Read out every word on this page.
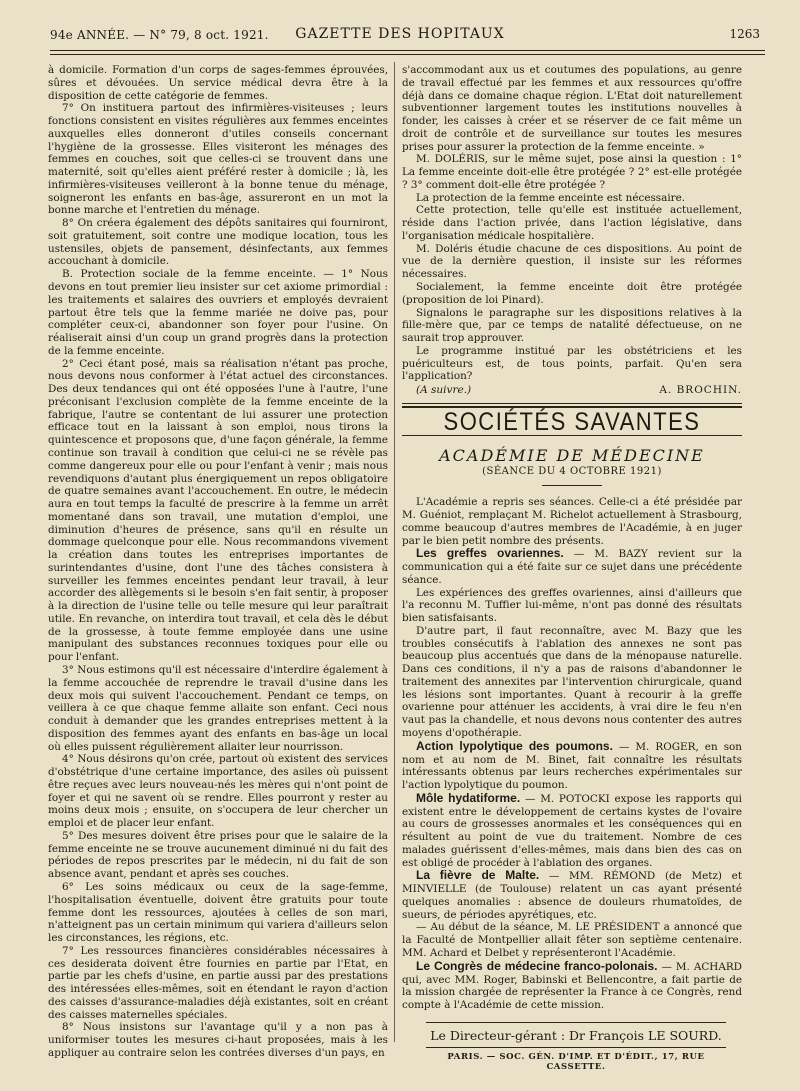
94e ANNÉE. — N° 79, 8 oct. 1921.	GAZETTE DES HOPITAUX	1263

à domicile. Formation d'un corps de sages-femmes éprouvées, sûres et dévouées. Un service médical devra être à la disposition de cette catégorie de femmes.

7° On instituera partout des infirmières-visiteuses ; leurs fonctions consistent en visites régulières aux femmes enceintes auxquelles elles donneront d'utiles conseils concernant l'hygiène de la grossesse. Elles visiteront les ménages des femmes en couches, soit que celles-ci se trouvent dans une maternité, soit qu'elles aient préféré rester à domicile ; là, les infirmières-visiteuses veilleront à la bonne tenue du ménage, soigneront les enfants en bas-âge, assureront en un mot la bonne marche et l'entretien du ménage.

8° On créera également des dépôts sanitaires qui fourniront, soit gratuitement, soit contre une modique location, tous les ustensiles, objets de pansement, désinfectants, aux femmes accouchant à domicile.

B. Protection sociale de la femme enceinte. — 1° Nous devons en tout premier lieu insister sur cet axiome primordial : les traitements et salaires des ouvriers et employés devraient partout être tels que la femme mariée ne doive pas, pour compléter ceux-ci, abandonner son foyer pour l'usine. On réaliserait ainsi d'un coup un grand progrès dans la protection de la femme enceinte.

2° Ceci étant posé, mais sa réalisation n'étant pas proche, nous devons nous conformer à l'état actuel des circonstances. Des deux tendances qui ont été opposées l'une à l'autre, l'une préconisant l'exclusion complète de la femme enceinte de la fabrique, l'autre se contentant de lui assurer une protection efficace tout en la laissant à son emploi, nous tirons la quintescence et proposons que, d'une façon générale, la femme continue son travail à condition que celui-ci ne se révèle pas comme dangereux pour elle ou pour l'enfant à venir ; mais nous revendiquons d'autant plus énergiquement un repos obligatoire de quatre semaines avant l'accouchement. En outre, le médecin aura en tout temps la faculté de prescrire à la femme un arrêt momentané dans son travail, une mutation d'emploi, une diminution d'heures de présence, sans qu'il en résulte un dommage quelconque pour elle. Nous recommandons vivement la création dans toutes les entreprises importantes de surintendantes d'usine, dont l'une des tâches consistera à surveiller les femmes enceintes pendant leur travail, à leur accorder des allègements si le besoin s'en fait sentir, à proposer à la direction de l'usine telle ou telle mesure qui leur paraîtrait utile. En revanche, on interdira tout travail, et cela dès le début de la grossesse, à toute femme employée dans une usine manipulant des substances reconnues toxiques pour elle ou pour l'enfant.

3° Nous estimons qu'il est nécessaire d'interdire également à la femme accouchée de reprendre le travail d'usine dans les deux mois qui suivent l'accouchement. Pendant ce temps, on veillera à ce que chaque femme allaite son enfant. Ceci nous conduit à demander que les grandes entreprises mettent à la disposition des femmes ayant des enfants en bas-âge un local où elles puissent régulièrement allaiter leur nourrisson.

4° Nous désirons qu'on crée, partout où existent des services d'obstétrique d'une certaine importance, des asiles où puissent être reçues avec leurs nouveau-nés les mères qui n'ont point de foyer et qui ne savent où se rendre. Elles pourront y rester au moins deux mois ; ensuite, on s'occupera de leur chercher un emploi et de placer leur enfant.

5° Des mesures doivent être prises pour que le salaire de la femme enceinte ne se trouve aucunement diminué ni du fait des périodes de repos prescrites par le médecin, ni du fait de son absence avant, pendant et après ses couches.

6° Les soins médicaux ou ceux de la sage-femme, l'hospitalisation éventuelle, doivent être gratuits pour toute femme dont les ressources, ajoutées à celles de son mari, n'atteignent pas un certain minimum qui variera d'ailleurs selon les circonstances, les régions, etc.

7° Les ressources financières considérables nécessaires à ces desiderata doivent être fournies en partie par l'Etat, en partie par les chefs d'usine, en partie aussi par des prestations des intéressées elles-mêmes, soit en étendant le rayon d'action des caisses d'assurance-maladies déjà existantes, soit en créant des caisses maternelles spéciales.

8° Nous insistons sur l'avantage qu'il y a non pas à uniformiser toutes les mesures ci-haut proposées, mais à les appliquer au contraire selon les contrées diverses d'un pays, en

s'accommodant aux us et coutumes des populations, au genre de travail effectué par les femmes et aux ressources qu'offre déjà dans ce domaine chaque région. L'Etat doit naturellement subventionner largement toutes les institutions nouvelles à fonder, les caisses à créer et se réserver de ce fait même un droit de contrôle et de surveillance sur toutes les mesures prises pour assurer la protection de la femme enceinte. »

M. DOLÉRIS, sur le même sujet, pose ainsi la question : 1° La femme enceinte doit-elle être protégée ? 2° est-elle protégée ? 3° comment doit-elle être protégée ?

La protection de la femme enceinte est nécessaire.

Cette protection, telle qu'elle est instituée actuellement, réside dans l'action privée, dans l'action législative, dans l'organisation médicale hospitalière.

M. Doléris étudie chacune de ces dispositions. Au point de vue de la dernière question, il insiste sur les réformes nécessaires.

Socialement, la femme enceinte doit être protégée (proposition de loi Pinard).

Signalons le paragraphe sur les dispositions relatives à la fille-mère que, par ce temps de natalité défectueuse, on ne saurait trop approuver.

Le programme institué par les obstétriciens et les puériculteurs est, de tous points, parfait. Qu'en sera l'application?

(A suivre.)	A. BROCHIN.
SOCIÉTÉS SAVANTES
ACADÉMIE DE MÉDECINE
(SÉANCE DU 4 OCTOBRE 1921)

L'Académie a repris ses séances. Celle-ci a été présidée par M. Guéniot, remplaçant M. Richelot actuellement à Strasbourg, comme beaucoup d'autres membres de l'Académie, à en juger par le bien petit nombre des présents.

Les greffes ovariennes. — M. BAZY revient sur la communication qui a été faite sur ce sujet dans une précédente séance.

Les expériences des greffes ovariennes, ainsi d'ailleurs que l'a reconnu M. Tuffier lui-même, n'ont pas donné des résultats bien satisfaisants.

D'autre part, il faut reconnaître, avec M. Bazy que les troubles consécutifs à l'ablation des annexes ne sont pas beaucoup plus accentués que dans de la ménopause naturelle. Dans ces conditions, il n'y a pas de raisons d'abandonner le traitement des annexites par l'intervention chirurgicale, quand les lésions sont importantes. Quant à recourir à la greffe ovarienne pour atténuer les accidents, à vrai dire le feu n'en vaut pas la chandelle, et nous devons nous contenter des autres moyens d'opothérapie.

Action lypolytique des poumons. — M. ROGER, en son nom et au nom de M. Binet, fait connaître les résultats intéressants obtenus par leurs recherches expérimentales sur l'action lypolytique du poumon.

Môle hydatiforme. — M. POTOCKI expose les rapports qui existent entre le développement de certains kystes de l'ovaire au cours de grossesses anormales et les conséquences qui en résultent au point de vue du traitement. Nombre de ces malades guérissent d'elles-mêmes, mais dans bien des cas on est obligé de procéder à l'ablation des organes.

La fièvre de Malte. — MM. RÉMOND (de Metz) et MINVIELLE (de Toulouse) relatent un cas ayant présenté quelques anomalies : absence de douleurs rhumatoïdes, de sueurs, de périodes apyrétiques, etc.

— Au début de la séance, M. LE PRÉSIDENT a annoncé que la Faculté de Montpellier allait fêter son septième centenaire. MM. Achard et Delbet y représenteront l'Académie.

Le Congrès de médecine franco-polonais. — M. ACHARD qui, avec MM. Roger, Babinski et Bellencontre, a fait partie de la mission chargée de représenter la France à ce Congrès, rend compte à l'Académie de cette mission.

Le Directeur-gérant : Dr François LE SOURD.
PARIS. — SOC. GÉN. D'IMP. ET D'ÉDIT., 17, RUE CASSETTE.
